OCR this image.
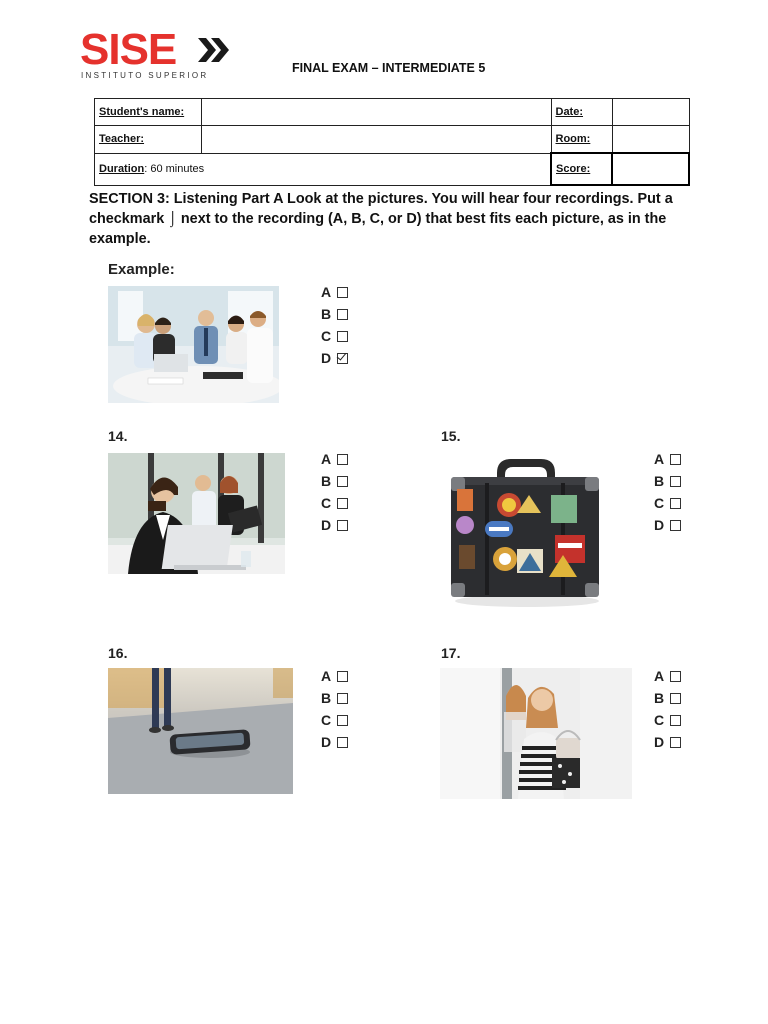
SISE
INSTITUTO SUPERIOR
FINAL EXAM – INTERMEDIATE 5
Student's name:		Date:	
Teacher:		Room:	
Duration: 60 minutes		Score:	
SECTION 3: Listening Part A Look at the pictures. You will hear four recordings. Put a checkmark ⌡ next to the recording (A, B, C, or D) that best fits each picture, as in the example.
Example:
A
B
C
D
14.
A
B
C
D
15.
A
B
C
D
16.
A
B
C
D
17.
A
B
C
D
